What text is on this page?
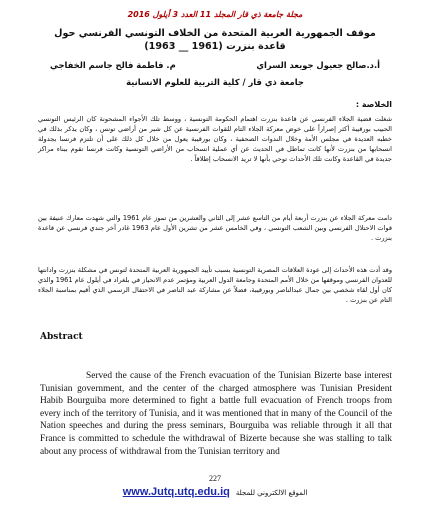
مجلة جامعة ذي قار المجلد 11 العدد 3 أيلول 2016
موقف الجمهورية العربية المتحدة من الخلاف التونسي الفرنسي حول قاعدة بنزرت (1961 __ 1963)
أ.د.صالح جعيول جويعد السراي
م. فاطمة فالح جاسم الخفاجي
جامعة ذي قار / كلية التربية للعلوم الانسانية
الخلاصة :

شغلت قضية الجلاء الفرنسي عن قاعدة بنزرت اهتمام الحكومة التونسية ، ووسط تلك الأجواء المشحونة كان الرئيس التونسي الحبيب بورقيبة أكثر إصراراً على خوض معركة الجلاء التام للقوات الفرنسية عن كل شبر من أراضي تونس ، وكان يذكر بذلك في خطبه العديدة في مجلس الأمة وخلال الندوات الصحفية ، وكان بورقيبة يعول من خلال كل ذلك على أن تلتزم فرنسا بجدولة انسحابها من بنزرت لأنها كانت تماطل في الحديث عن أي عملية انسحاب من الأراضي التونسية وكانت فرنسا تقوم ببناء مراكز جديدة في القاعدة وكانت تلك الأحداث توحي بأنها لا تريد الانسحاب إطلاقاً .

دامت معركة الجلاء عن بنزرت أربعة أيام من التاسع عشر إلى الثاني والعشرين من تموز عام 1961 والتي شهدت معارك عنيفة بين قوات الاحتلال الفرنسي وبين الشعب التونسي ، وفي الخامس عشر من تشرين الأول عام 1963 غادر آخر جندي فرنسي عن قاعدة بنزرت .

وقد أدت هذه الأحداث إلى عودة العلاقات المصرية التونسية بسبب تأييد الجمهورية العربية المتحدة لتونس في مشكلة بنزرت وادانتها للعدوان الفرنسي وموقفها من خلال الأمم المتحدة وجامعة الدول العربية ومؤتمر عدم الانحياز في بلغراد في أيلول عام 1961 والذي كان أول لقاء شخصي بين جمال عبدالناصر وبورقيبة، فضلاً عن مشاركة عبد الناصر في الاحتفال الرسمي الذي أقيم بمناسبة الجلاء التام عن بنزرت .

Abstract

Served the cause of the French evacuation of the Tunisian Bizerte base interest Tunisian government, and the center of the charged atmosphere was Tunisian President Habib Bourguiba more determined to fight a battle full evacuation of French troops from every inch of the territory of Tunisia, and it was mentioned that in many of the Council of the Nation speeches and during the press seminars, Bourguiba was reliable through it all that France is committed to schedule the withdrawal of Bizerte because she was stalling to talk about any process of withdrawal from the Tunisian territory and

227
www.Jutq.utq.edu.iq الموقع الالكتروني للمجلة
